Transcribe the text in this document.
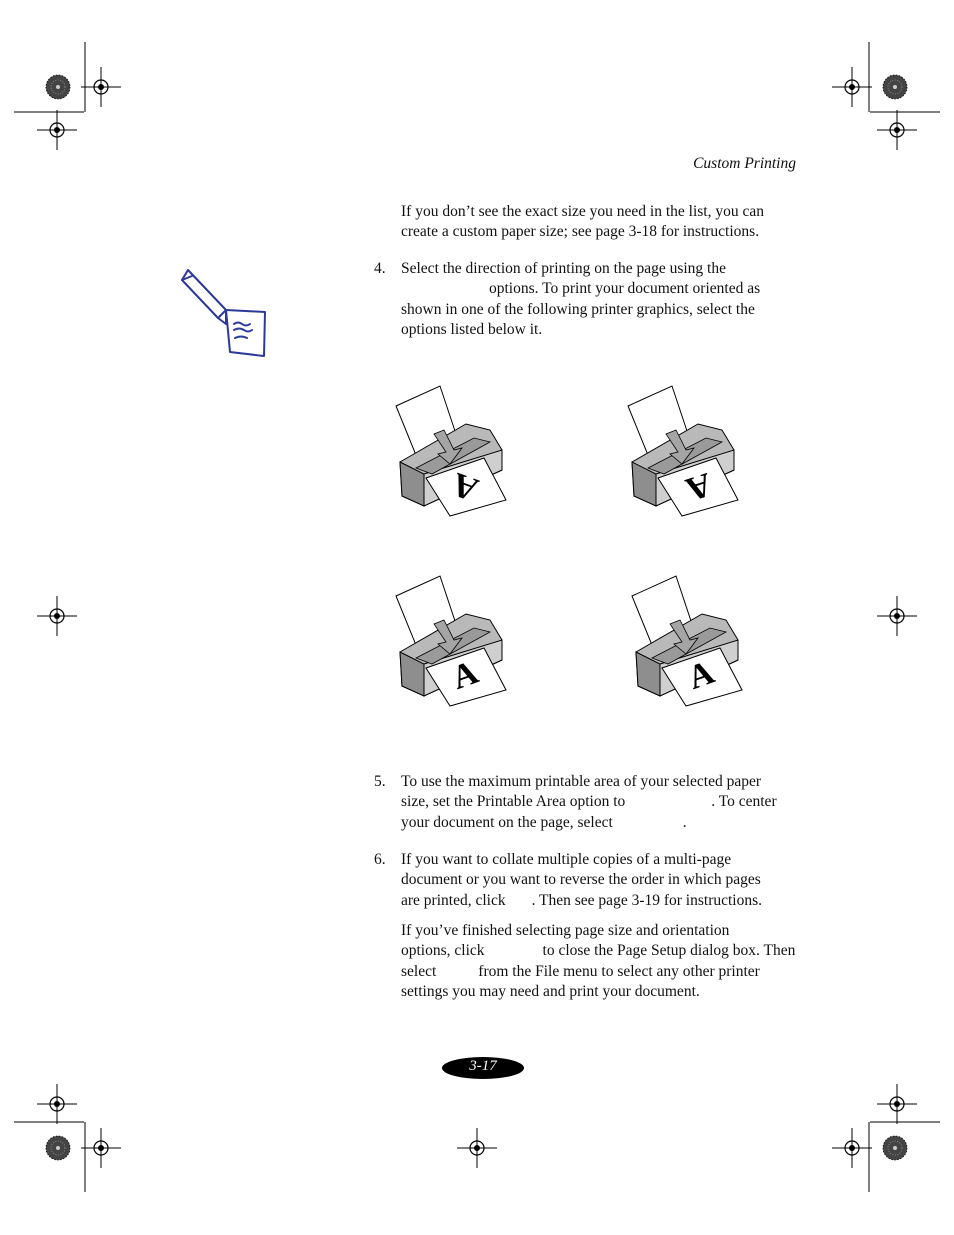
Custom Printing
If you don’t see the exact size you need in the list, you can create a custom paper size; see page 3-18 for instructions.
4. Select the direction of printing on the page using the
options. To print your document oriented as
shown in one of the following printer graphics, select the
options listed below it.
A	A
A	A
5. To use the maximum printable area of your selected paper
size, set the Printable Area option to	. To center
your document on the page, select	.
6. If you want to collate multiple copies of a multi-page
document or you want to reverse the order in which pages
are printed, click . Then see page 3-19 for instructions.
If you’ve finished selecting page size and orientation
options, click	to close the Page Setup dialog box. Then
select	from the File menu to select any other printer
settings you may need and print your document.
3-17
